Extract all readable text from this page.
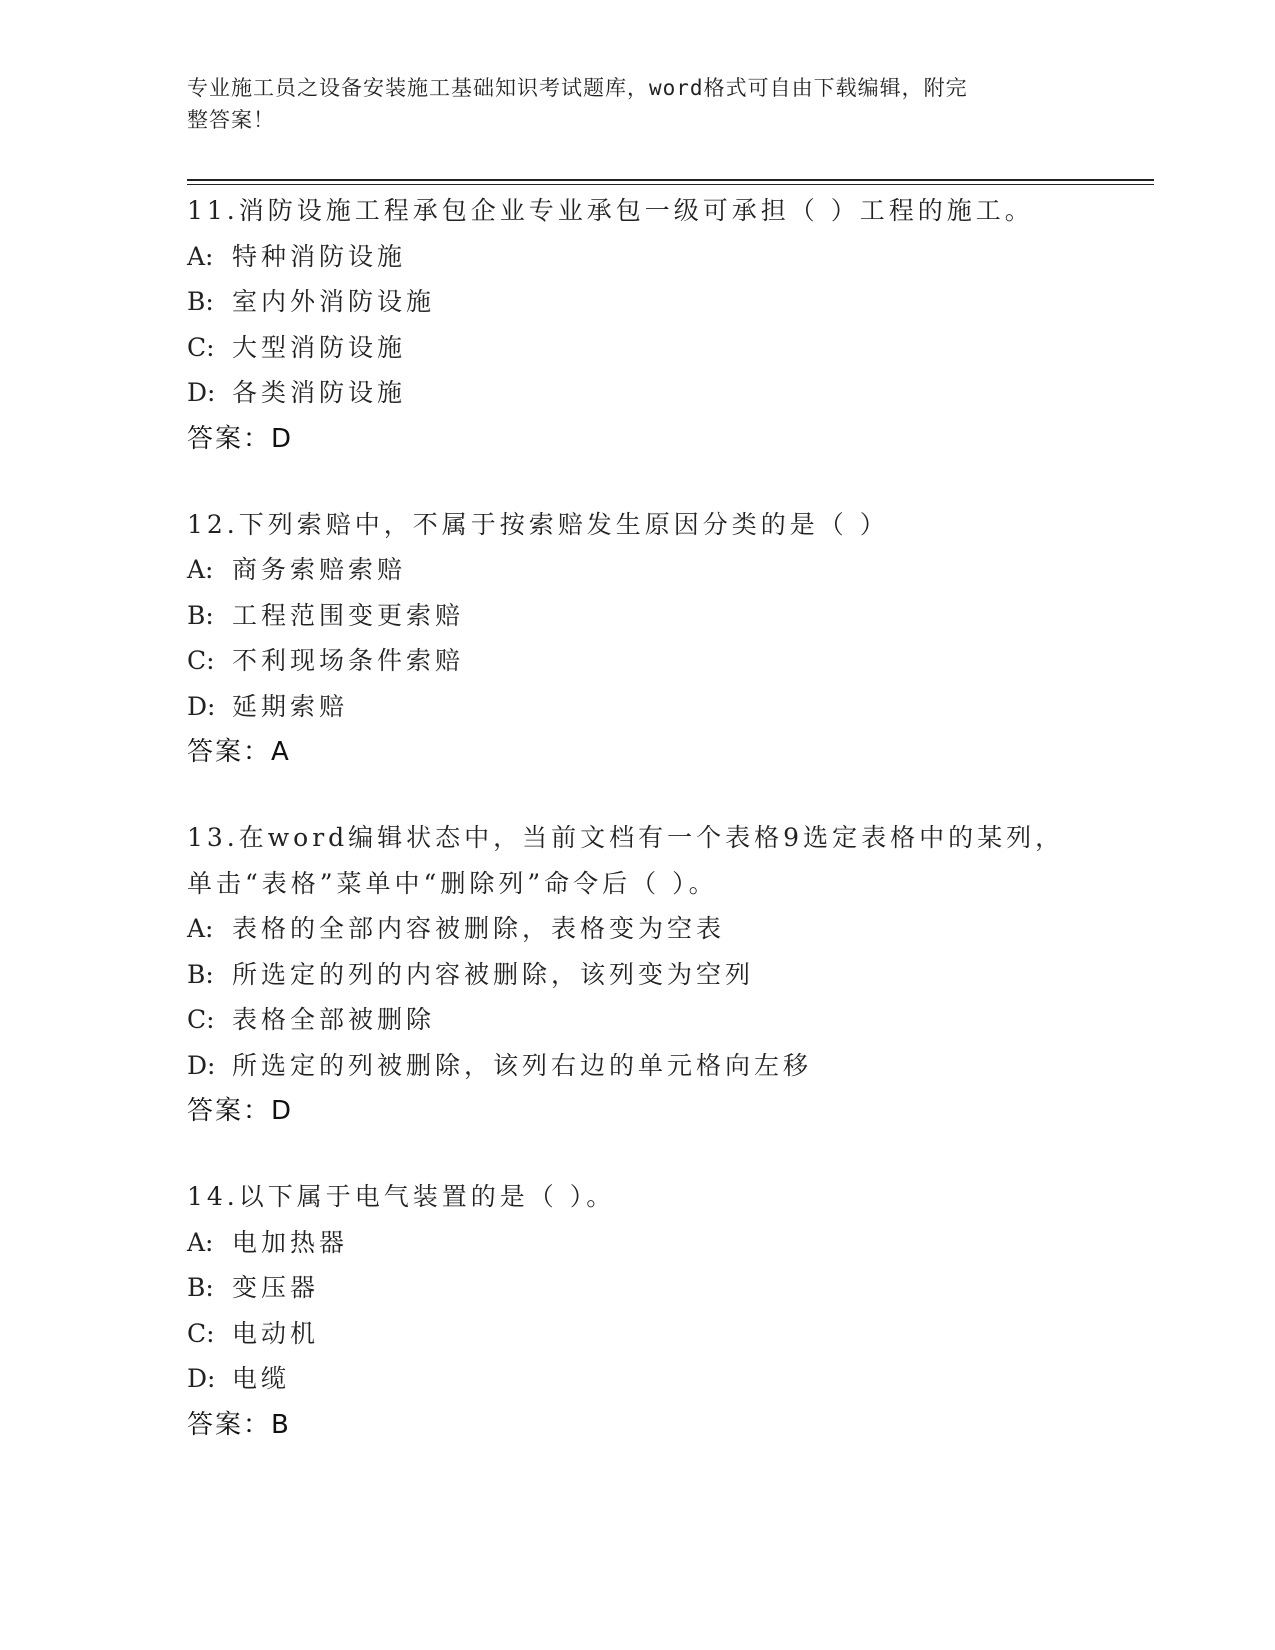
专业施工员之设备安装施工基础知识考试题库，word格式可自由下载编辑，附完
整答案！
11.消防设施工程承包企业专业承包一级可承担（ ）工程的施工。
A: 特种消防设施
B: 室内外消防设施
C: 大型消防设施
D: 各类消防设施
答案：D
12.下列索赔中，不属于按索赔发生原因分类的是（ ）
A: 商务索赔索赔
B: 工程范围变更索赔
C: 不利现场条件索赔
D: 延期索赔
答案：A
13.在word编辑状态中，当前文档有一个表格9选定表格中的某列，
单击“表格”菜单中“删除列”命令后（ ）。
A: 表格的全部内容被删除，表格变为空表
B: 所选定的列的内容被删除，该列变为空列
C: 表格全部被删除
D: 所选定的列被删除，该列右边的单元格向左移
答案：D
14.以下属于电气装置的是（ ）。
A: 电加热器
B: 变压器
C: 电动机
D: 电缆
答案：B
